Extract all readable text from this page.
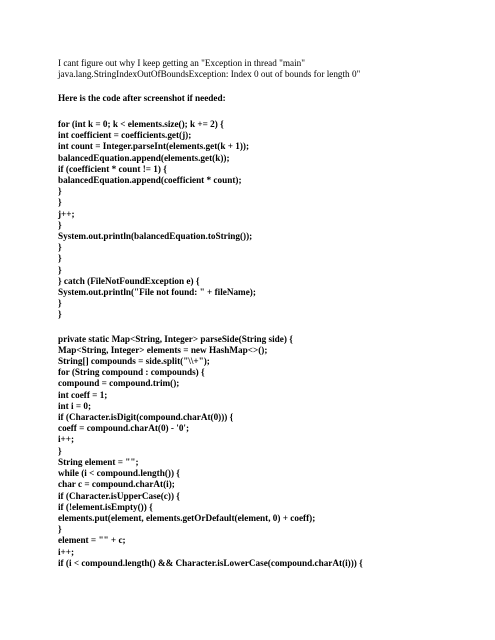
I cant figure out why I keep getting an "Exception in thread "main"
java.lang.StringIndexOutOfBoundsException: Index 0 out of bounds for length 0"
Here is the code after screenshot if needed:
for (int k = 0; k < elements.size(); k += 2) {
int coefficient = coefficients.get(j);
int count = Integer.parseInt(elements.get(k + 1));
balancedEquation.append(elements.get(k));
if (coefficient * count != 1) {
balancedEquation.append(coefficient * count);
}
}
j++;
}
System.out.println(balancedEquation.toString());
}
}
}
} catch (FileNotFoundException e) {
System.out.println("File not found: " + fileName);
}
}
private static Map<String, Integer> parseSide(String side) {
Map<String, Integer> elements = new HashMap<>();
String[] compounds = side.split("\\+");
for (String compound : compounds) {
compound = compound.trim();
int coeff = 1;
int i = 0;
if (Character.isDigit(compound.charAt(0))) {
coeff = compound.charAt(0) - '0';
i++;
}
String element = "";
while (i < compound.length()) {
char c = compound.charAt(i);
if (Character.isUpperCase(c)) {
if (!element.isEmpty()) {
elements.put(element, elements.getOrDefault(element, 0) + coeff);
}
element = "" + c;
i++;
if (i < compound.length() && Character.isLowerCase(compound.charAt(i))) {
